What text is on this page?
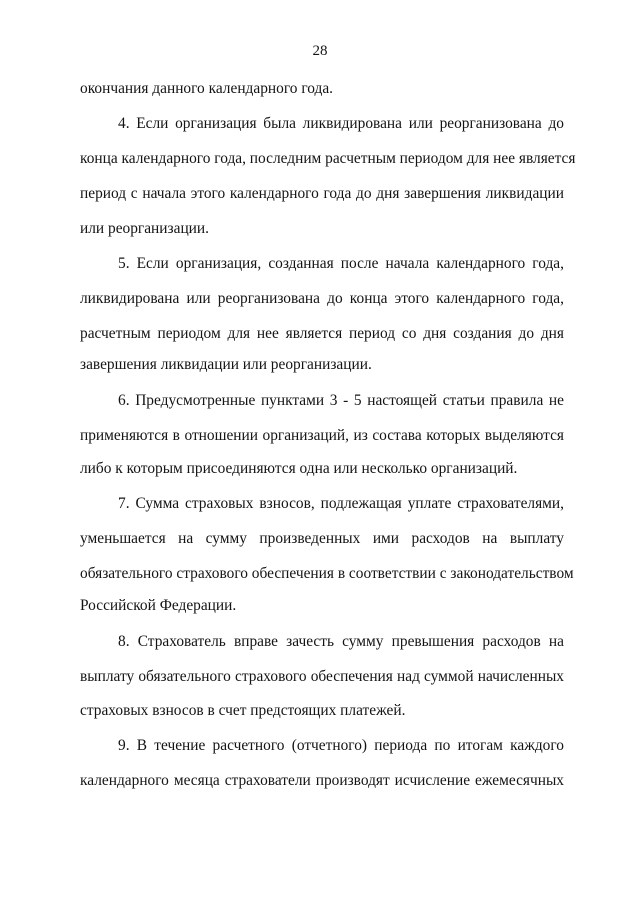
28
окончания данного календарного года.
4. Если организация была ликвидирована или реорганизована до
конца календарного года, последним расчетным периодом для нее является
период с начала этого календарного года до дня завершения ликвидации
или реорганизации.
5. Если организация, созданная после начала календарного года,
ликвидирована или реорганизована до конца этого календарного года,
расчетным периодом для нее является период со дня создания до дня
завершения ликвидации или реорганизации.
6. Предусмотренные пунктами 3 - 5 настоящей статьи правила не
применяются в отношении организаций, из состава которых выделяются
либо к которым присоединяются одна или несколько организаций.
7. Сумма страховых взносов, подлежащая уплате страхователями,
уменьшается на сумму произведенных ими расходов на выплату
обязательного страхового обеспечения в соответствии с законодательством
Российской Федерации.
8. Страхователь вправе зачесть сумму превышения расходов на
выплату обязательного страхового обеспечения над суммой начисленных
страховых взносов в счет предстоящих платежей.
9. В течение расчетного (отчетного) периода по итогам каждого
календарного месяца страхователи производят исчисление ежемесячных
